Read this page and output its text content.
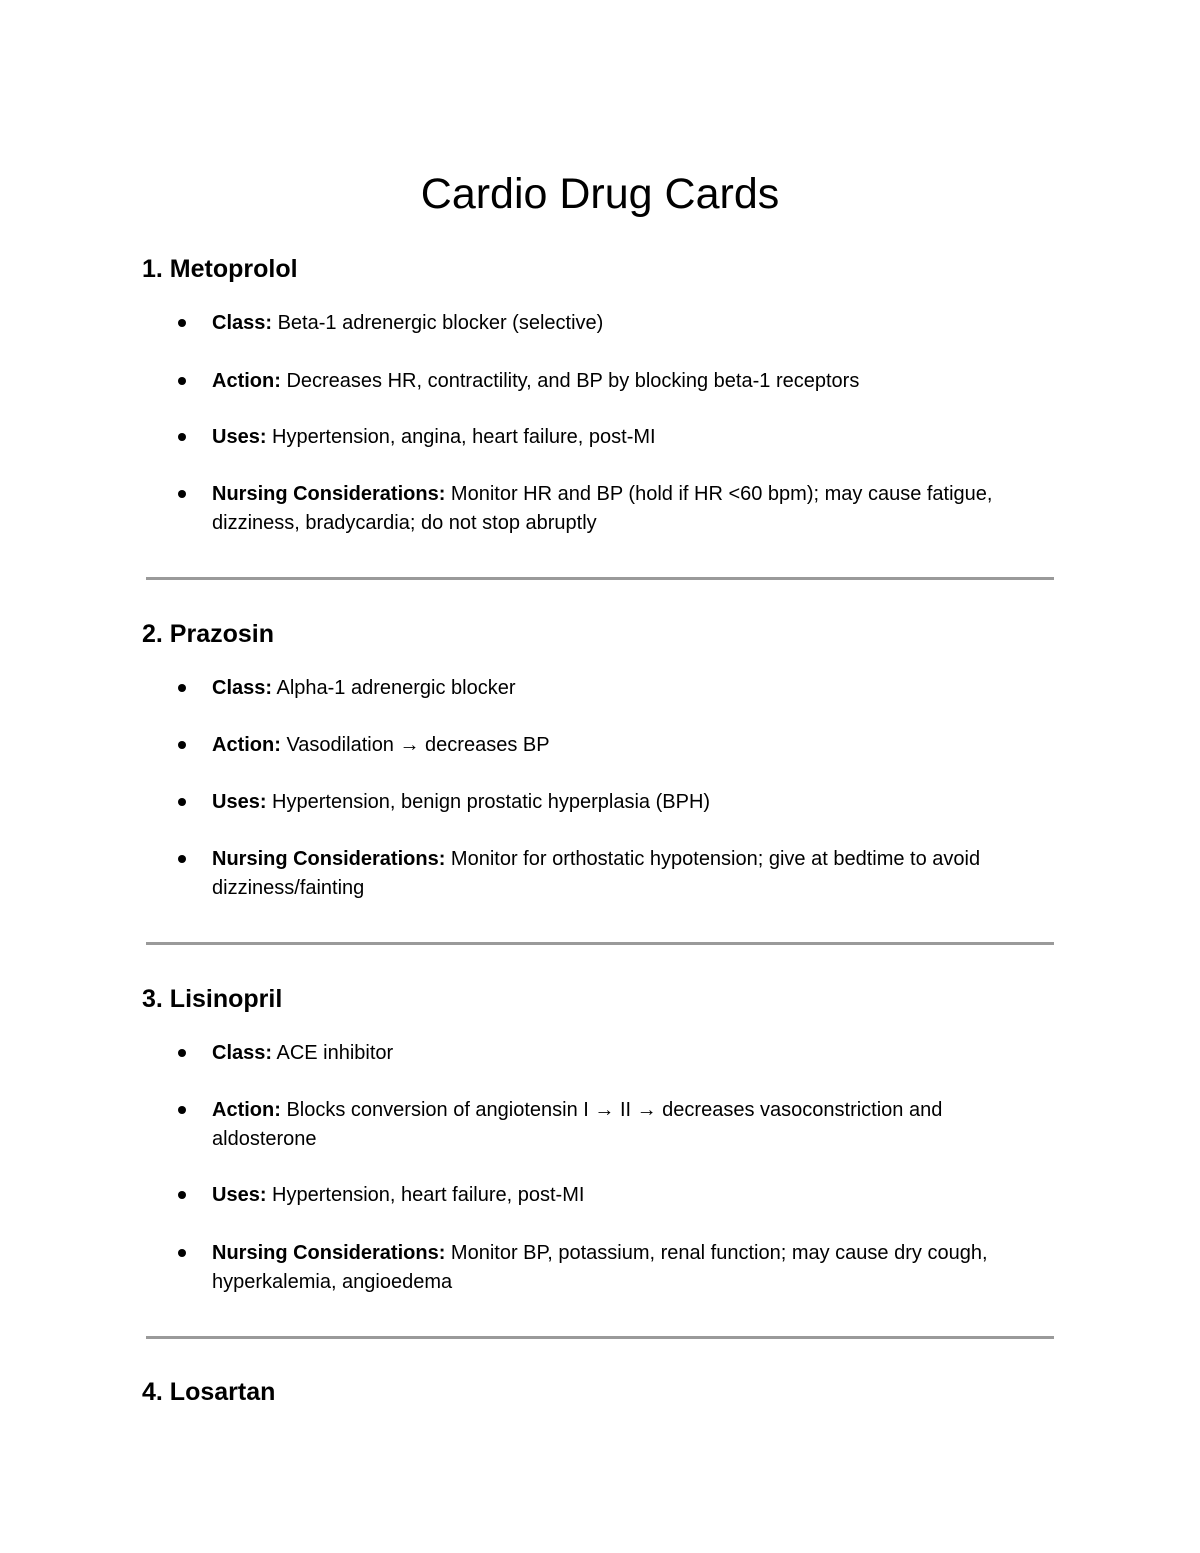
Cardio Drug Cards
1. Metoprolol
Class: Beta-1 adrenergic blocker (selective)
Action: Decreases HR, contractility, and BP by blocking beta-1 receptors
Uses: Hypertension, angina, heart failure, post-MI
Nursing Considerations: Monitor HR and BP (hold if HR <60 bpm); may cause fatigue, dizziness, bradycardia; do not stop abruptly
2. Prazosin
Class: Alpha-1 adrenergic blocker
Action: Vasodilation → decreases BP
Uses: Hypertension, benign prostatic hyperplasia (BPH)
Nursing Considerations: Monitor for orthostatic hypotension; give at bedtime to avoid dizziness/fainting
3. Lisinopril
Class: ACE inhibitor
Action: Blocks conversion of angiotensin I → II → decreases vasoconstriction and aldosterone
Uses: Hypertension, heart failure, post-MI
Nursing Considerations: Monitor BP, potassium, renal function; may cause dry cough, hyperkalemia, angioedema
4. Losartan
